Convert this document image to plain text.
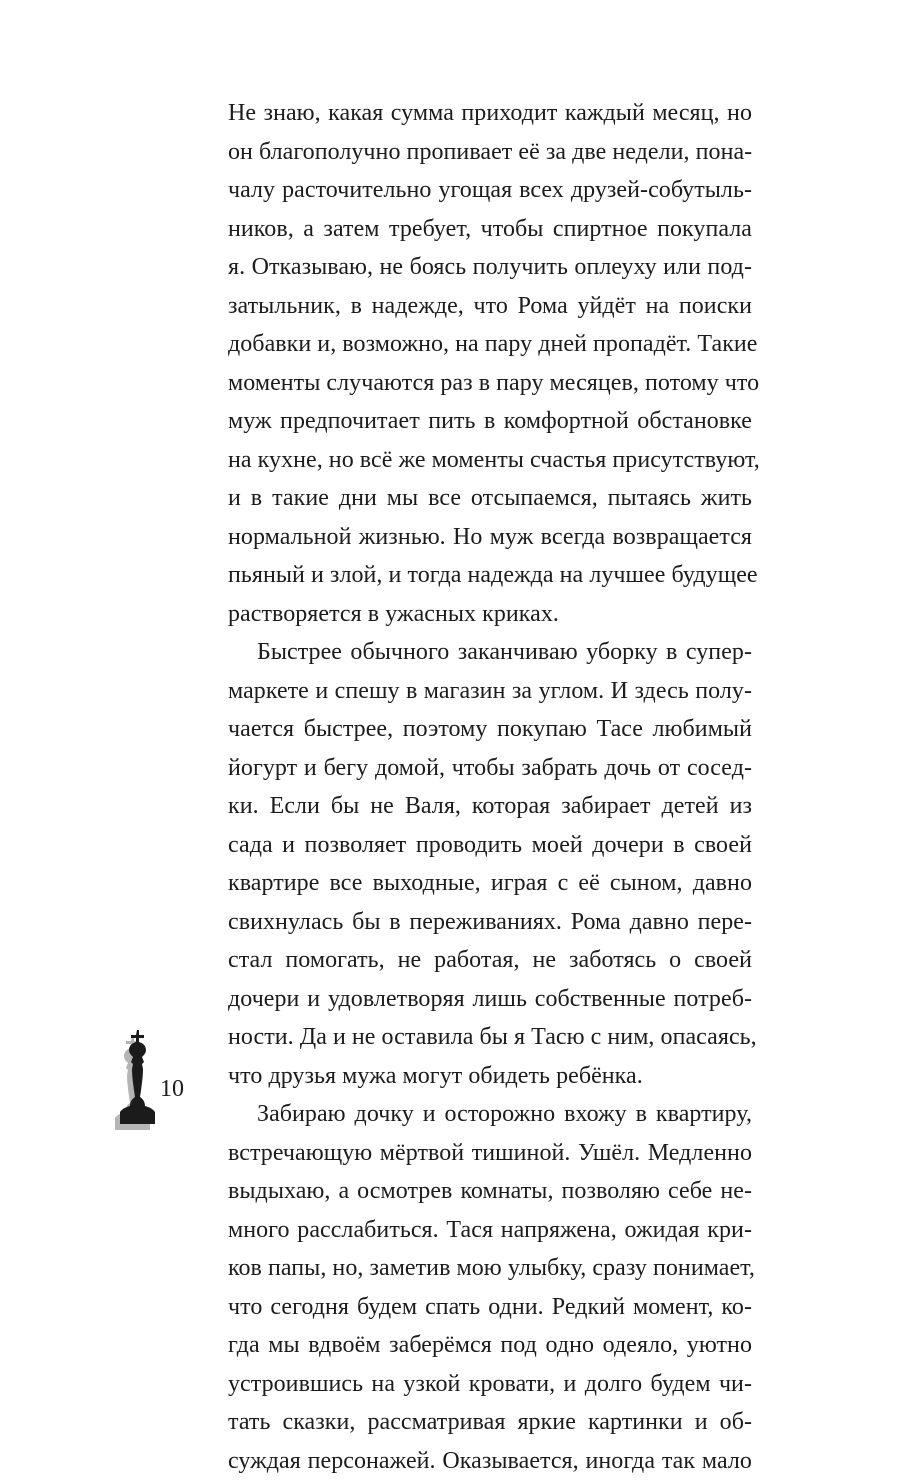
Не знаю, какая сумма приходит каждый месяц, но
он благополучно пропивает её за две недели, пона-
чалу расточительно угощая всех друзей-собутыль-
ников, а затем требует, чтобы спиртное покупала
я. Отказываю, не боясь получить оплеуху или под-
затыльник, в надежде, что Рома уйдёт на поиски
добавки и, возможно, на пару дней пропадёт. Такие
моменты случаются раз в пару месяцев, потому что
муж предпочитает пить в комфортной обстановке
на кухне, но всё же моменты счастья присутствуют,
и в такие дни мы все отсыпаемся, пытаясь жить
нормальной жизнью. Но муж всегда возвращается
пьяный и злой, и тогда надежда на лучшее будущее
растворяется в ужасных криках.
Быстрее обычного заканчиваю уборку в супер-
маркете и спешу в магазин за углом. И здесь полу-
чается быстрее, поэтому покупаю Тасе любимый
йогурт и бегу домой, чтобы забрать дочь от сосед-
ки. Если бы не Валя, которая забирает детей из
сада и позволяет проводить моей дочери в своей
квартире все выходные, играя с её сыном, давно
свихнулась бы в переживаниях. Рома давно пере-
стал помогать, не работая, не заботясь о своей
дочери и удовлетворяя лишь собственные потреб-
ности. Да и не оставила бы я Тасю с ним, опасаясь,
что друзья мужа могут обидеть ребёнка.
Забираю дочку и осторожно вхожу в квартиру,
встречающую мёртвой тишиной. Ушёл. Медленно
выдыхаю, а осмотрев комнаты, позволяю себе не-
много расслабиться. Тася напряжена, ожидая кри-
ков папы, но, заметив мою улыбку, сразу понимает,
что сегодня будем спать одни. Редкий момент, ко-
гда мы вдвоём заберёмся под одно одеяло, уютно
устроившись на узкой кровати, и долго будем чи-
тать сказки, рассматривая яркие картинки и об-
суждая персонажей. Оказывается, иногда так мало
10
